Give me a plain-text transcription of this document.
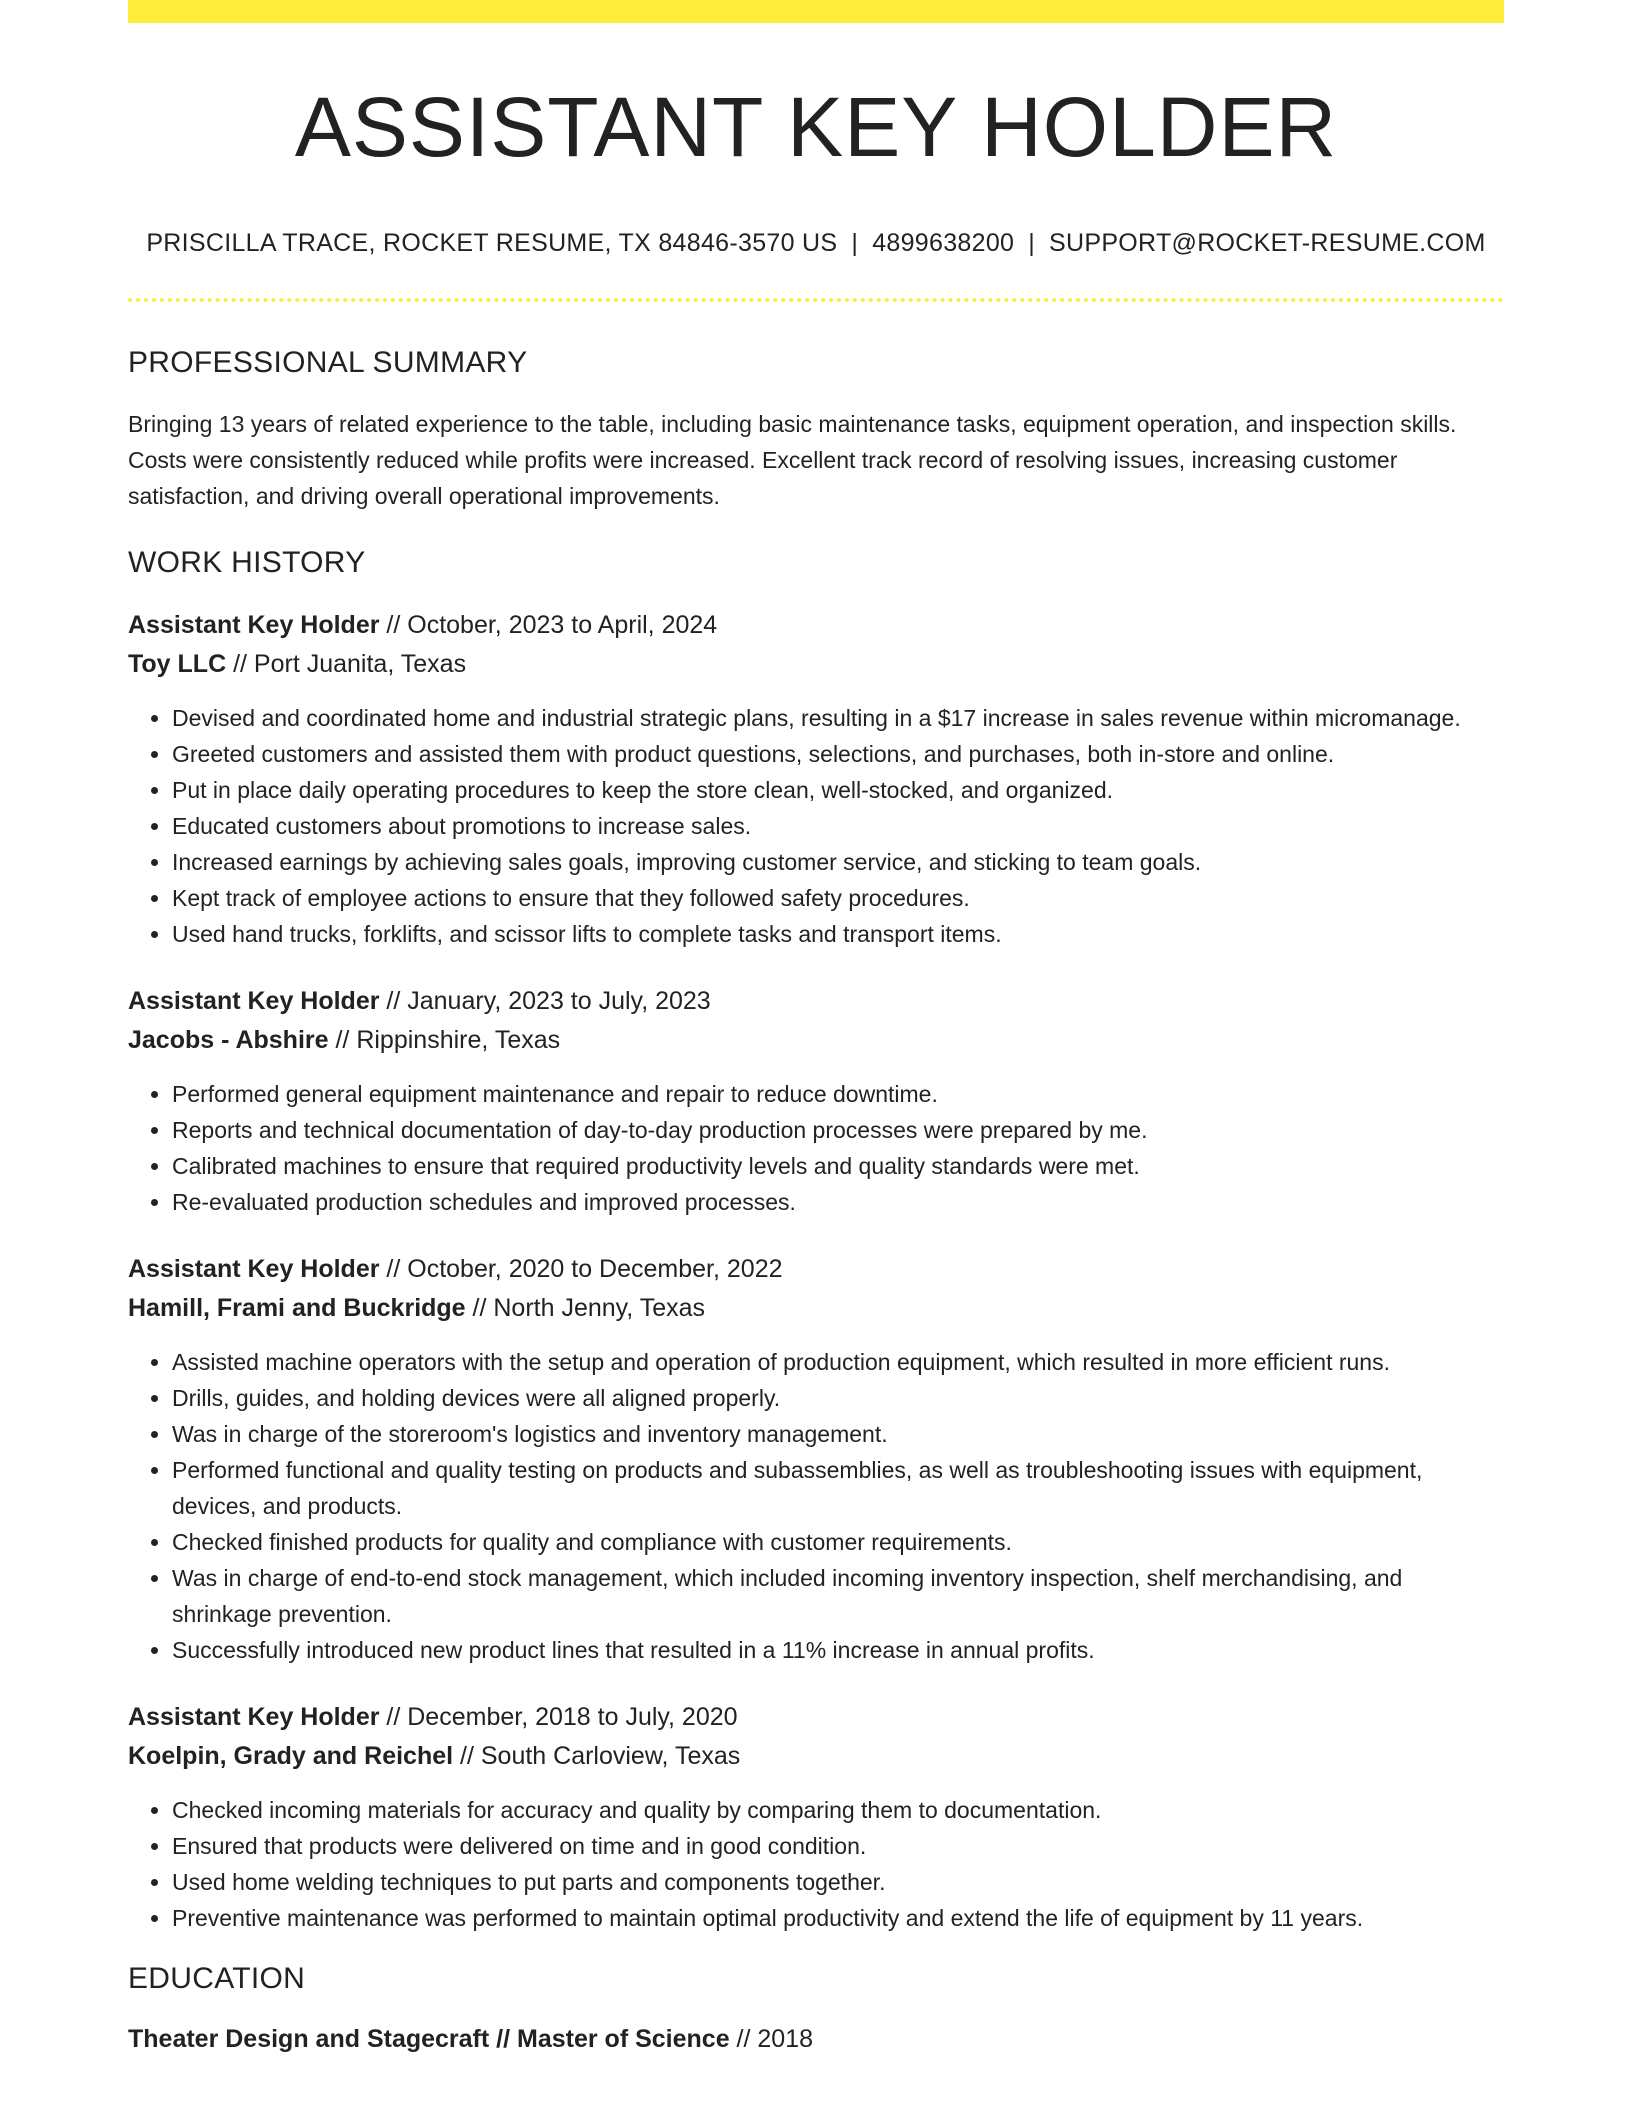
ASSISTANT KEY HOLDER
PRISCILLA TRACE, ROCKET RESUME, TX 84846-3570 US | 4899638200 | SUPPORT@ROCKET-RESUME.COM
PROFESSIONAL SUMMARY

Bringing 13 years of related experience to the table, including basic maintenance tasks, equipment operation, and inspection skills. Costs were consistently reduced while profits were increased. Excellent track record of resolving issues, increasing customer satisfaction, and driving overall operational improvements.

WORK HISTORY
Assistant Key Holder // October, 2023 to April, 2024
Toy LLC // Port Juanita, Texas
• Devised and coordinated home and industrial strategic plans, resulting in a $17 increase in sales revenue within micromanage.
• Greeted customers and assisted them with product questions, selections, and purchases, both in-store and online.
• Put in place daily operating procedures to keep the store clean, well-stocked, and organized.
• Educated customers about promotions to increase sales.
• Increased earnings by achieving sales goals, improving customer service, and sticking to team goals.
• Kept track of employee actions to ensure that they followed safety procedures.
• Used hand trucks, forklifts, and scissor lifts to complete tasks and transport items.
Assistant Key Holder // January, 2023 to July, 2023
Jacobs - Abshire // Rippinshire, Texas
• Performed general equipment maintenance and repair to reduce downtime.
• Reports and technical documentation of day-to-day production processes were prepared by me.
• Calibrated machines to ensure that required productivity levels and quality standards were met.
• Re-evaluated production schedules and improved processes.
Assistant Key Holder // October, 2020 to December, 2022
Hamill, Frami and Buckridge // North Jenny, Texas
• Assisted machine operators with the setup and operation of production equipment, which resulted in more efficient runs.
• Drills, guides, and holding devices were all aligned properly.
• Was in charge of the storeroom's logistics and inventory management.
• Performed functional and quality testing on products and subassemblies, as well as troubleshooting issues with equipment, devices, and products.
• Checked finished products for quality and compliance with customer requirements.
• Was in charge of end-to-end stock management, which included incoming inventory inspection, shelf merchandising, and shrinkage prevention.
• Successfully introduced new product lines that resulted in a 11% increase in annual profits.
Assistant Key Holder // December, 2018 to July, 2020
Koelpin, Grady and Reichel // South Carloview, Texas
• Checked incoming materials for accuracy and quality by comparing them to documentation.
• Ensured that products were delivered on time and in good condition.
• Used home welding techniques to put parts and components together.
• Preventive maintenance was performed to maintain optimal productivity and extend the life of equipment by 11 years.
EDUCATION
Theater Design and Stagecraft // Master of Science // 2018
